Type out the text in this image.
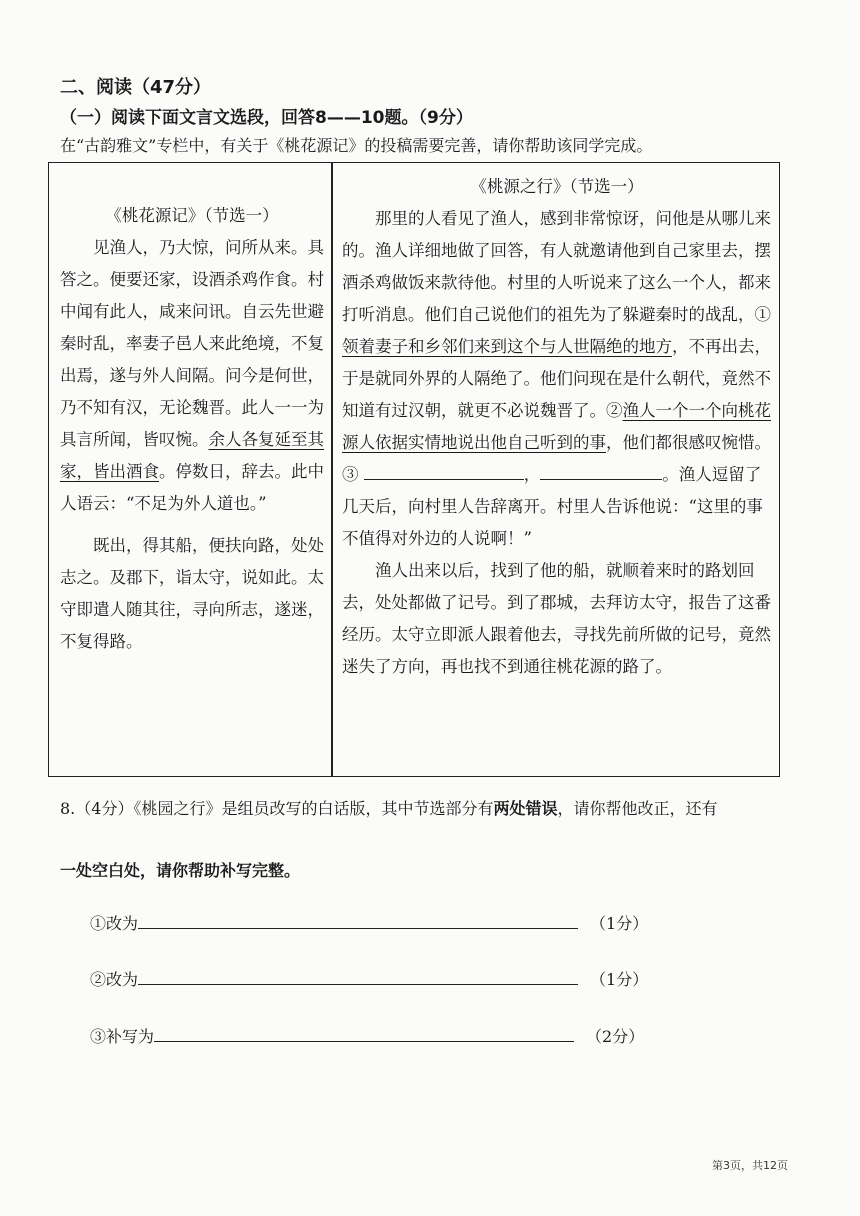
二、阅读（47分）
（一）阅读下面文言文选段，回答8——10题。（9分）
在“古韵雅文”专栏中，有关于《桃花源记》的投稿需要完善，请你帮助该同学完成。

《桃花源记》（节选一）

见渔人，乃大惊，问所从来。具答之。便要还家，设酒杀鸡作食。村中闻有此人，咸来问讯。自云先世避秦时乱，率妻子邑人来此绝境，不复出焉，遂与外人间隔。问今是何世，乃不知有汉，无论魏晋。此人一一为具言所闻，皆叹惋。余人各复延至其家，皆出酒食。停数日，辞去。此中人语云：“不足为外人道也。”

既出，得其船，便扶向路，处处志之。及郡下，诣太守，说如此。太守即遣人随其往，寻向所志，遂迷，不复得路。

《桃源之行》（节选一）

那里的人看见了渔人，感到非常惊讶，问他是从哪儿来的。渔人详细地做了回答，有人就邀请他到自己家里去，摆酒杀鸡做饭来款待他。村里的人听说来了这么一个人，都来打听消息。他们自己说他们的祖先为了躲避秦时的战乱，①领着妻子和乡邻们来到这个与人世隔绝的地方，不再出去，于是就同外界的人隔绝了。他们问现在是什么朝代，竟然不知道有过汉朝，就更不必说魏晋了。②渔人一个一个向桃花源人依据实情地说出他自己听到的事，他们都很感叹惋惜。③	，	。渔人逗留了几天后，向村里人告辞离开。村里人告诉他说：“这里的事不值得对外边的人说啊！”

渔人出来以后，找到了他的船，就顺着来时的路划回去，处处都做了记号。到了郡城，去拜访太守，报告了这番经历。太守立即派人跟着他去，寻找先前所做的记号，竟然迷失了方向，再也找不到通往桃花源的路了。

8.（4分）《桃园之行》是组员改写的白话版，其中节选部分有两处错误，请你帮他改正，还有
一处空白处，请你帮助补写完整。
①改为	（1分）
②改为	（1分）
③补写为	（2分）
第3页，共12页
